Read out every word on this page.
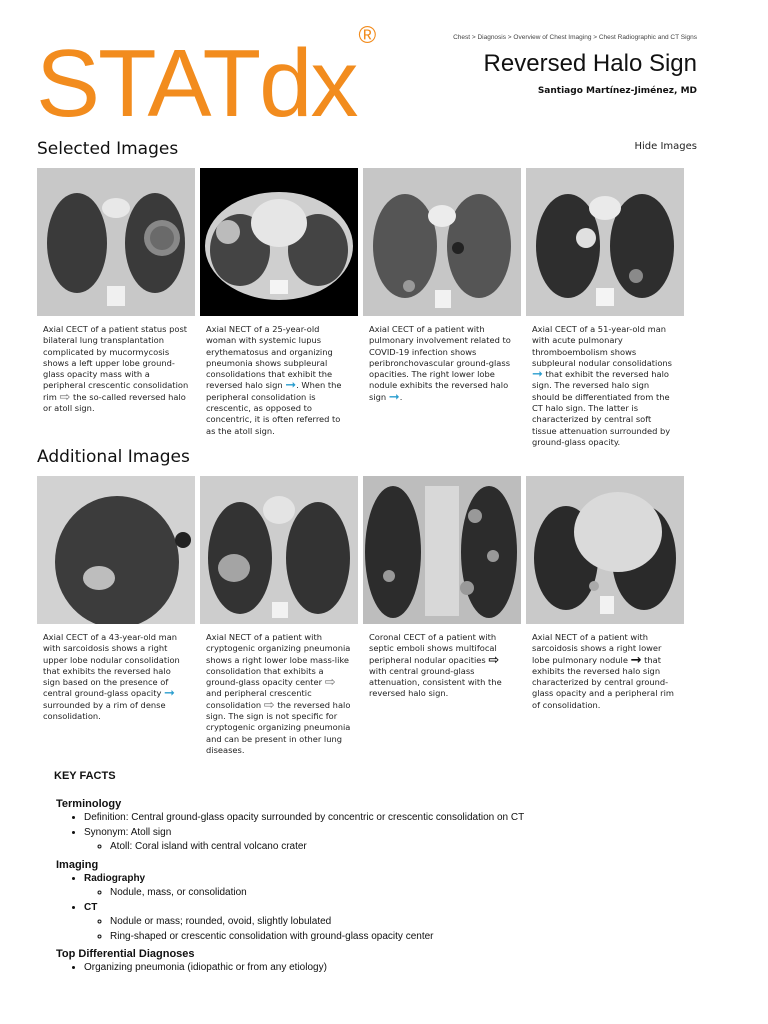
STATdx®	Chest > Diagnosis > Overview of Chest Imaging > Chest Radiographic and CT Signs
Reversed Halo Sign
Santiago Martínez-Jiménez, MD
Selected Images	Hide Images
Axial CECT of a patient status post bilateral lung transplantation complicated by mucormycosis shows a left upper lobe ground-glass opacity mass with a peripheral crescentic consolidation rim ⇨ the so-called reversed halo or atoll sign.
Axial NECT of a 25-year-old woman with systemic lupus erythematosus and organizing pneumonia shows subpleural consolidations that exhibit the reversed halo sign ➞. When the peripheral consolidation is crescentic, as opposed to concentric, it is often referred to as the atoll sign.
Axial CECT of a patient with pulmonary involvement related to COVID-19 infection shows peribronchovascular ground-glass opacities. The right lower lobe nodule exhibits the reversed halo sign ➞.
Axial CECT of a 51-year-old man with acute pulmonary thromboembolism shows subpleural nodular consolidations ➞ that exhibit the reversed halo sign. The reversed halo sign should be differentiated from the CT halo sign. The latter is characterized by central soft tissue attenuation surrounded by ground-glass opacity.
Additional Images
Axial CECT of a 43-year-old man with sarcoidosis shows a right upper lobe nodular consolidation that exhibits the reversed halo sign based on the presence of central ground-glass opacity ➞ surrounded by a rim of dense consolidation.
Axial NECT of a patient with cryptogenic organizing pneumonia shows a right lower lobe mass-like consolidation that exhibits a ground-glass opacity center ⇨ and peripheral crescentic consolidation ⇨ the reversed halo sign. The sign is not specific for cryptogenic organizing pneumonia and can be present in other lung diseases.
Coronal CECT of a patient with septic emboli shows multifocal peripheral nodular opacities ⇨ with central ground-glass attenuation, consistent with the reversed halo sign.
Axial NECT of a patient with sarcoidosis shows a right lower lobe pulmonary nodule → that exhibits the reversed halo sign characterized by central ground-glass opacity and a peripheral rim of consolidation.
KEY FACTS
Terminology
• Definition: Central ground-glass opacity surrounded by concentric or crescentic consolidation on CT
• Synonym: Atoll sign
◦ Atoll: Coral island with central volcano crater
Imaging
• Radiography
◦ Nodule, mass, or consolidation
• CT
◦ Nodule or mass; rounded, ovoid, slightly lobulated
◦ Ring-shaped or crescentic consolidation with ground-glass opacity center
Top Differential Diagnoses
• Organizing pneumonia (idiopathic or from any etiology)
